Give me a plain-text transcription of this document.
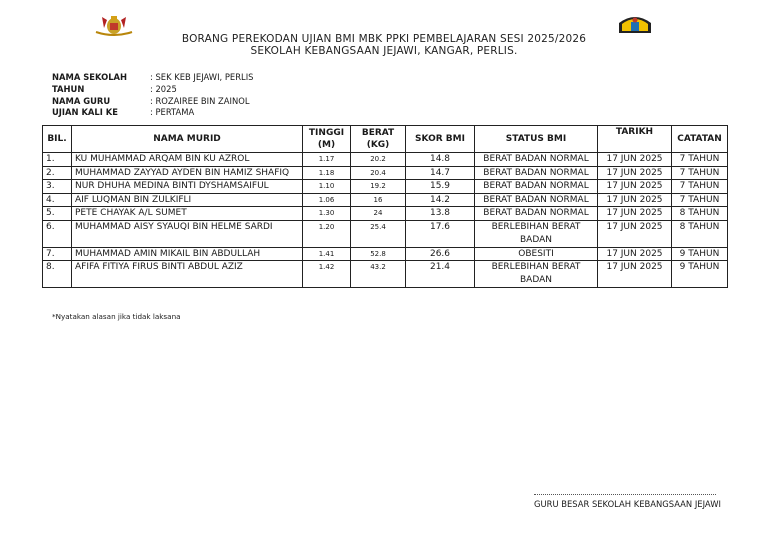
BORANG PEREKODAN UJIAN BMI MBK PPKI PEMBELAJARAN SESI 2025/2026
SEKOLAH KEBANGSAAN JEJAWI, KANGAR, PERLIS.
NAMA SEKOLAH	: SEK KEB JEJAWI, PERLIS
TAHUN	: 2025
NAMA GURU	: ROZAIREE BIN ZAINOL
UJIAN KALI KE	: PERTAMA
BIL.	NAMA MURID	TINGGI (M)	BERAT (KG)	SKOR BMI	STATUS BMI	TARIKH	CATATAN
1.	KU MUHAMMAD ARQAM BIN KU AZROL	1.17	20.2	14.8	BERAT BADAN NORMAL	17 JUN 2025	7 TAHUN
2.	MUHAMMAD ZAYYAD AYDEN BIN HAMIZ SHAFIQ	1.18	20.4	14.7	BERAT BADAN NORMAL	17 JUN 2025	7 TAHUN
3.	NUR DHUHA MEDINA BINTI DYSHAMSAIFUL	1.10	19.2	15.9	BERAT BADAN NORMAL	17 JUN 2025	7 TAHUN
4.	AIF LUQMAN BIN ZULKIFLI	1.06	16	14.2	BERAT BADAN NORMAL	17 JUN 2025	7 TAHUN
5.	PETE CHAYAK A/L SUMET	1.30	24	13.8	BERAT BADAN NORMAL	17 JUN 2025	8 TAHUN
6.	MUHAMMAD AISY SYAUQI BIN HELME SARDI	1.20	25.4	17.6	BERLEBIHAN BERAT BADAN	17 JUN 2025	8 TAHUN
7.	MUHAMMAD AMIN MIKAIL BIN ABDULLAH	1.41	52.8	26.6	OBESITI	17 JUN 2025	9 TAHUN
8.	AFIFA FITIYA FIRUS BINTI ABDUL AZIZ	1.42	43.2	21.4	BERLEBIHAN BERAT BADAN	17 JUN 2025	9 TAHUN
*Nyatakan alasan jika tidak laksana
GURU BESAR SEKOLAH KEBANGSAAN JEJAWI
